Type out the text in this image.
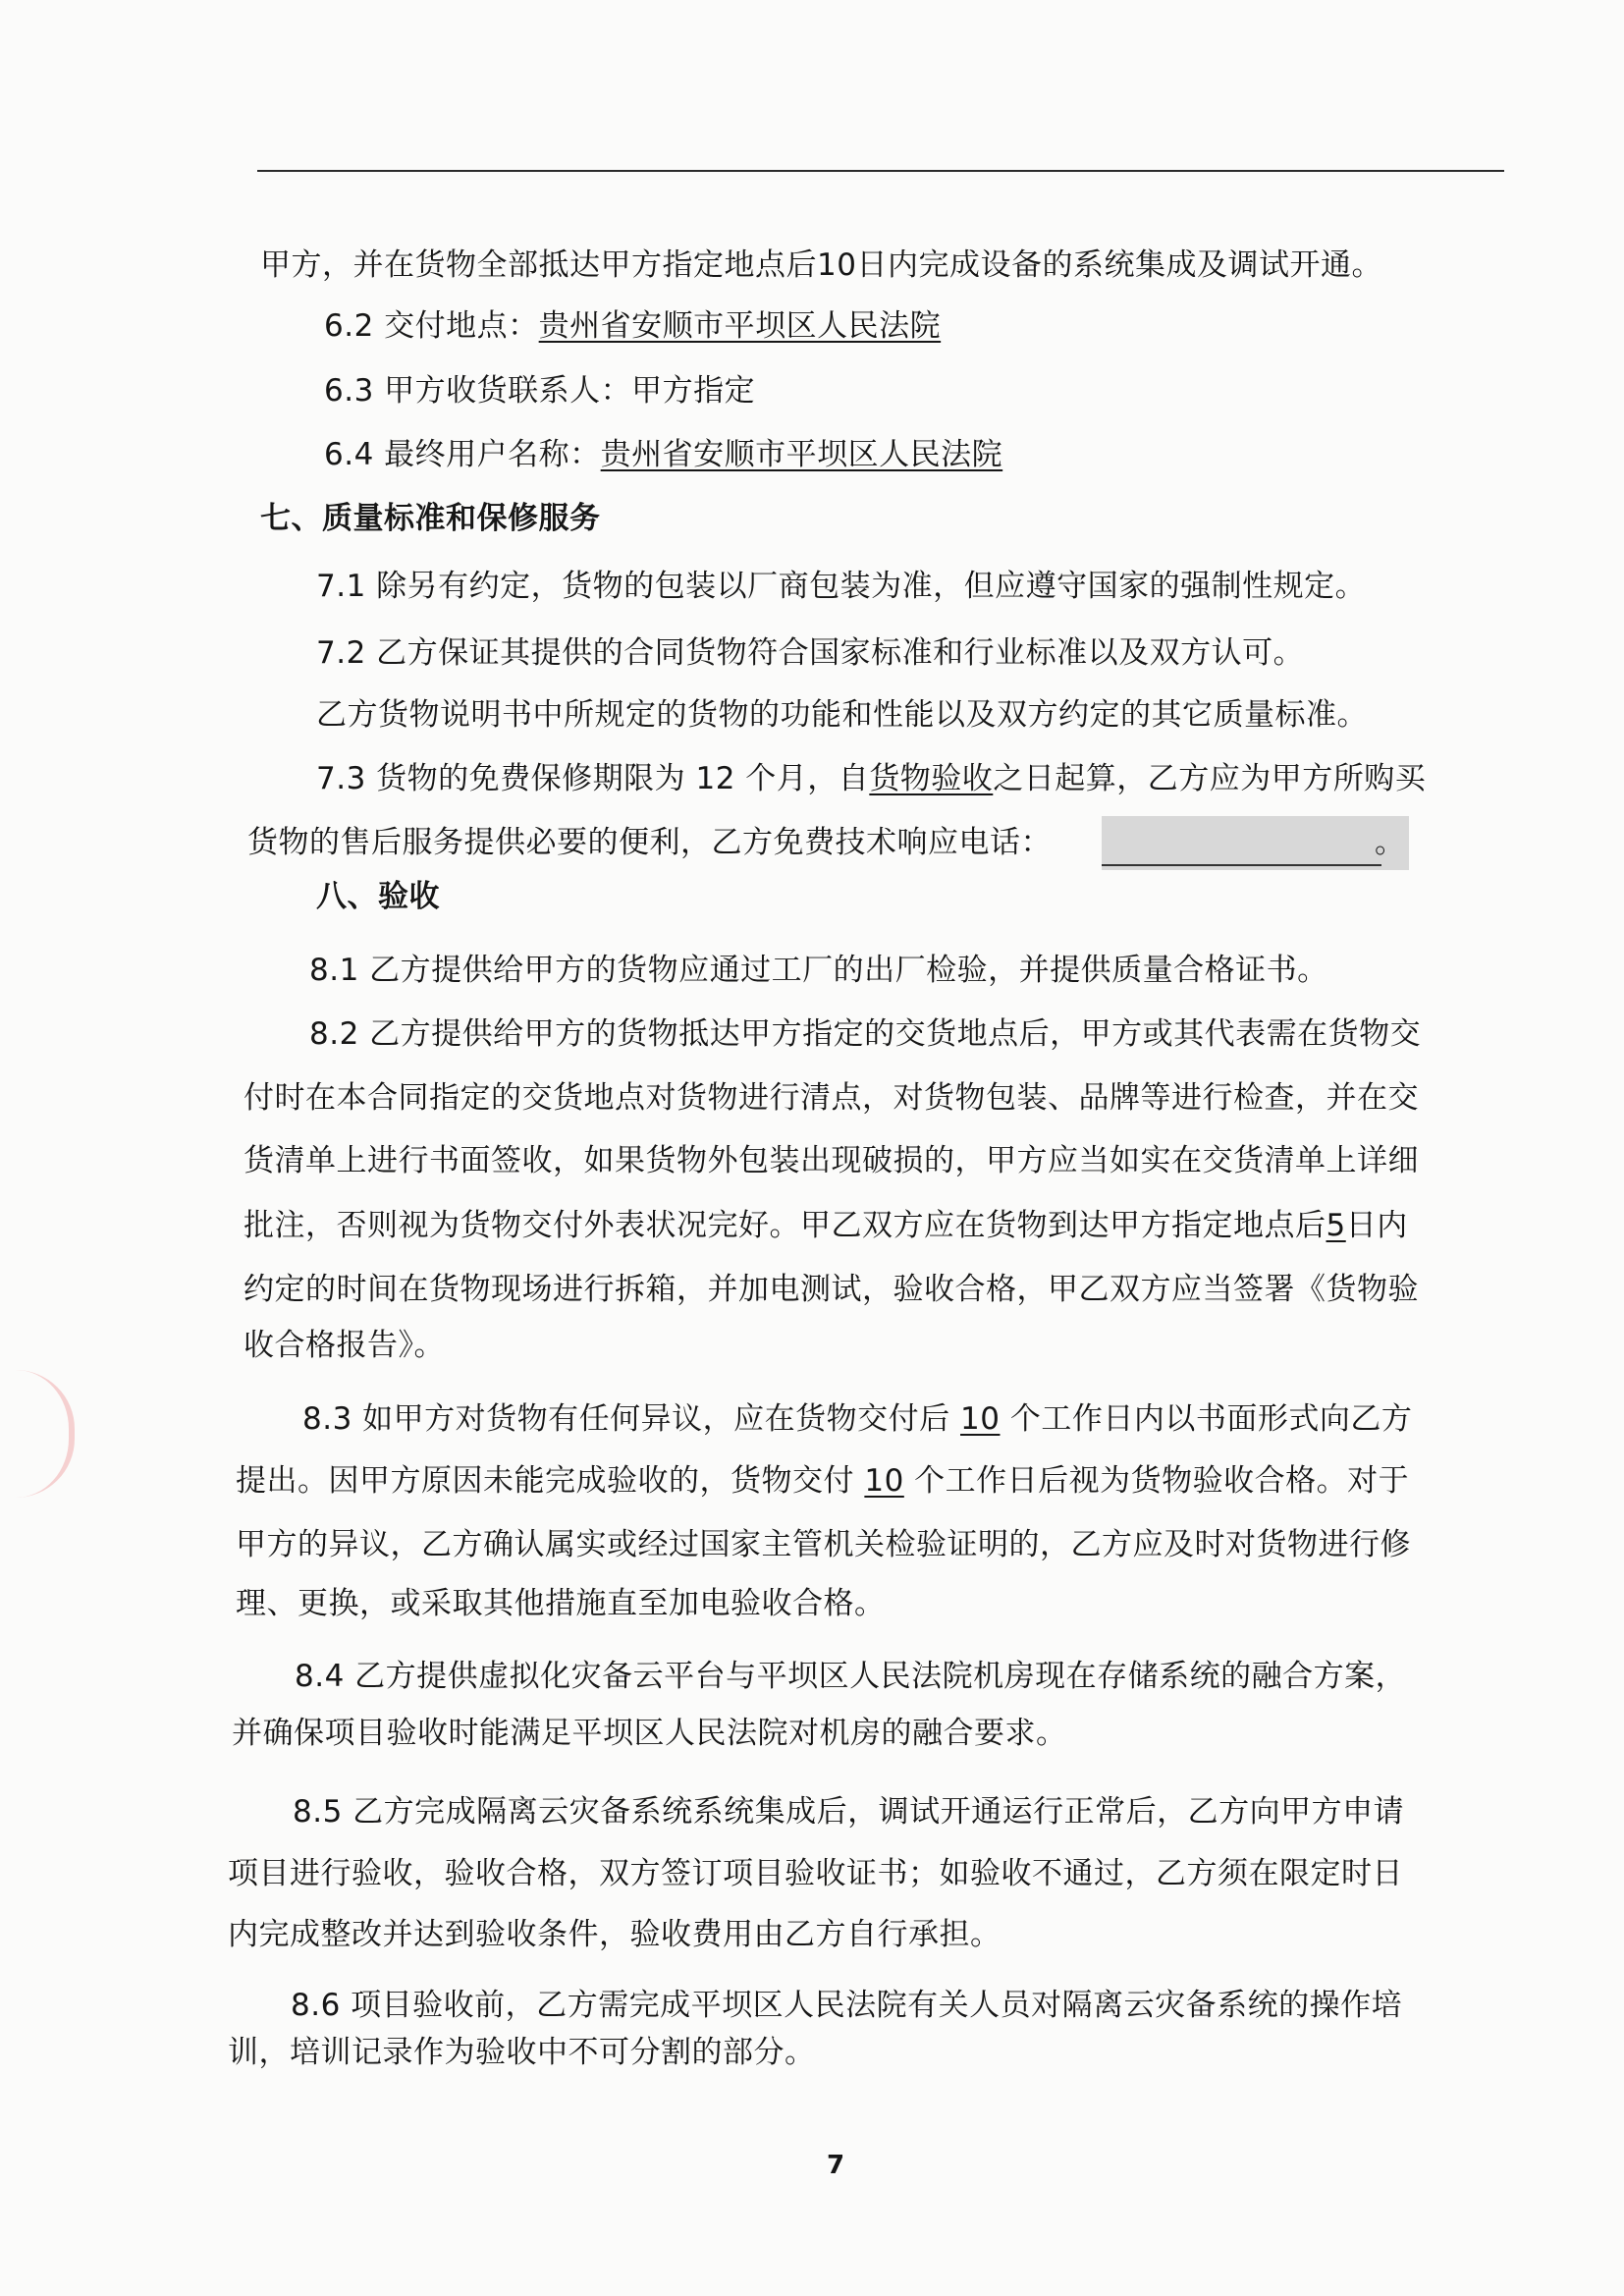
甲方，并在货物全部抵达甲方指定地点后10日内完成设备的系统集成及调试开通。
6.2 交付地点：贵州省安顺市平坝区人民法院
6.3 甲方收货联系人：甲方指定
6.4 最终用户名称：贵州省安顺市平坝区人民法院
七、质量标准和保修服务
7.1 除另有约定，货物的包装以厂商包装为准，但应遵守国家的强制性规定。
7.2 乙方保证其提供的合同货物符合国家标准和行业标准以及双方认可。
乙方货物说明书中所规定的货物的功能和性能以及双方约定的其它质量标准。
7.3 货物的免费保修期限为 12 个月，自货物验收之日起算，乙方应为甲方所购买
货物的售后服务提供必要的便利，乙方免费技术响应电话：	。
八、验收
8.1 乙方提供给甲方的货物应通过工厂的出厂检验，并提供质量合格证书。
8.2 乙方提供给甲方的货物抵达甲方指定的交货地点后，甲方或其代表需在货物交
付时在本合同指定的交货地点对货物进行清点，对货物包装、品牌等进行检查，并在交
货清单上进行书面签收，如果货物外包装出现破损的，甲方应当如实在交货清单上详细
批注，否则视为货物交付外表状况完好。甲乙双方应在货物到达甲方指定地点后5日内
约定的时间在货物现场进行拆箱，并加电测试，验收合格，甲乙双方应当签署《货物验
收合格报告》。
8.3 如甲方对货物有任何异议，应在货物交付后 10 个工作日内以书面形式向乙方
提出。因甲方原因未能完成验收的，货物交付 10 个工作日后视为货物验收合格。对于
甲方的异议，乙方确认属实或经过国家主管机关检验证明的，乙方应及时对货物进行修
理、更换，或采取其他措施直至加电验收合格。
8.4 乙方提供虚拟化灾备云平台与平坝区人民法院机房现在存储系统的融合方案，
并确保项目验收时能满足平坝区人民法院对机房的融合要求。
8.5 乙方完成隔离云灾备系统系统集成后，调试开通运行正常后，乙方向甲方申请
项目进行验收，验收合格，双方签订项目验收证书；如验收不通过，乙方须在限定时日
内完成整改并达到验收条件，验收费用由乙方自行承担。
8.6 项目验收前，乙方需完成平坝区人民法院有关人员对隔离云灾备系统的操作培
训，培训记录作为验收中不可分割的部分。
7
